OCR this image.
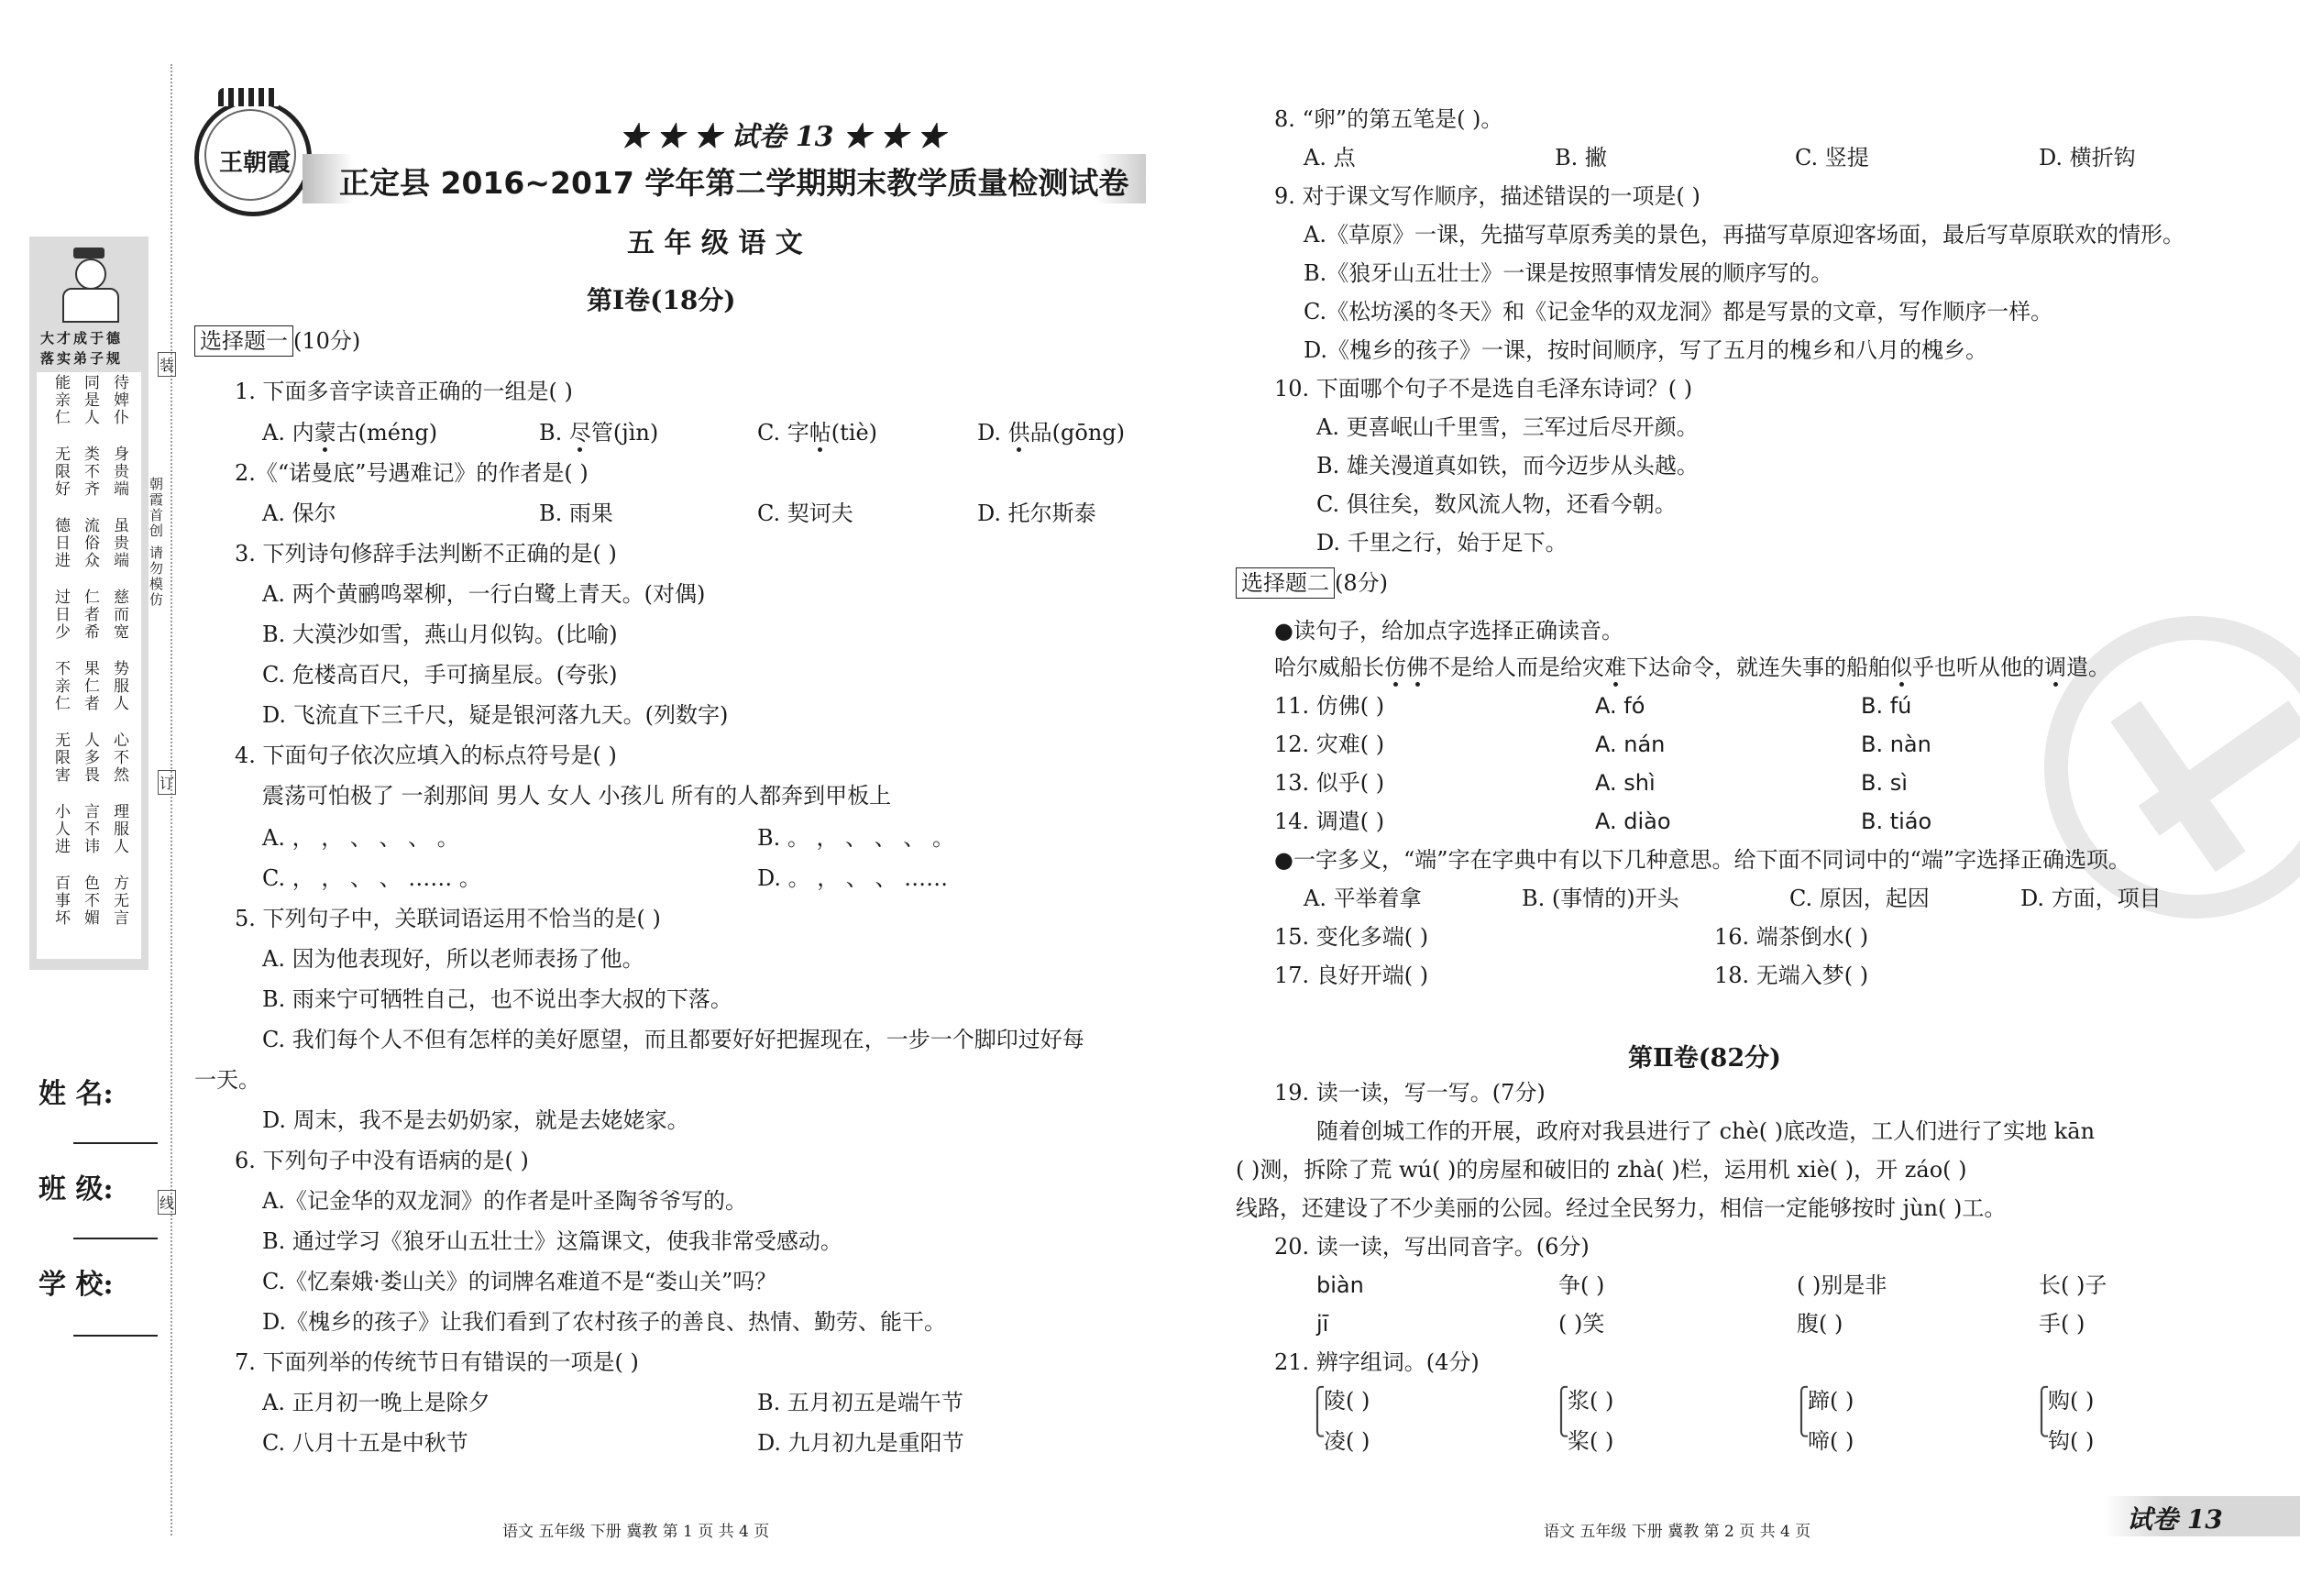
王朝霞
★ ★ ★ 试卷 13 ★ ★ ★
正定县 2016~2017 学年第二学期期末教学质量检测试卷
五 年 级 语 文
第Ⅰ卷(18分)
大才成于德
落实弟子规
能亲仁 同是人 待婢仆
无限好 类不齐 身贵端
德日进 流俗众 虽贵端
过日少 仁者希 慈而宽
不亲仁 果仁者 势服人
无限害 人多畏 心不然
小人进 言不讳 理服人
百事坏 色不媚 方无言
朝霞首创 请勿模仿
装
订
线
姓 名:
班 级:
学 校:
选择题一 (10分)
1. 下面多音字读音正确的一组是( )
A. 内蒙古(méng)	B. 尽管(jìn)	C. 字帖(tiè)	D. 供品(gōng)
2.《“诺曼底”号遇难记》的作者是( )
A. 保尔	B. 雨果	C. 契诃夫	D. 托尔斯泰
3. 下列诗句修辞手法判断不正确的是( )
A. 两个黄鹂鸣翠柳，一行白鹭上青天。(对偶)
B. 大漠沙如雪，燕山月似钩。(比喻)
C. 危楼高百尺，手可摘星辰。(夸张)
D. 飞流直下三千尺，疑是银河落九天。(列数字)
4. 下面句子依次应填入的标点符号是( )
震荡可怕极了 一刹那间 男人 女人 小孩儿 所有的人都奔到甲板上
A. ， ， 、 、 、 。	B. 。 ， 、 、 、 。
C. ， ， 、 、 …… 。	D. 。 ， 、 、 ……
5. 下列句子中，关联词语运用不恰当的是( )
A. 因为他表现好，所以老师表扬了他。
B. 雨来宁可牺牲自己，也不说出李大叔的下落。
C. 我们每个人不但有怎样的美好愿望，而且都要好好把握现在，一步一个脚印过好每
一天。
D. 周末，我不是去奶奶家，就是去姥姥家。
6. 下列句子中没有语病的是( )
A.《记金华的双龙洞》的作者是叶圣陶爷爷写的。
B. 通过学习《狼牙山五壮士》这篇课文，使我非常受感动。
C.《忆秦娥·娄山关》的词牌名难道不是“娄山关”吗？
D.《槐乡的孩子》让我们看到了农村孩子的善良、热情、勤劳、能干。
7. 下面列举的传统节日有错误的一项是( )
A. 正月初一晚上是除夕	B. 五月初五是端午节
C. 八月十五是中秋节	D. 九月初九是重阳节
8. “卵”的第五笔是( )。
A. 点	B. 撇	C. 竖提	D. 横折钩
9. 对于课文写作顺序，描述错误的一项是( )
A.《草原》一课，先描写草原秀美的景色，再描写草原迎客场面，最后写草原联欢的情形。
B.《狼牙山五壮士》一课是按照事情发展的顺序写的。
C.《松坊溪的冬天》和《记金华的双龙洞》都是写景的文章，写作顺序一样。
D.《槐乡的孩子》一课，按时间顺序，写了五月的槐乡和八月的槐乡。
10. 下面哪个句子不是选自毛泽东诗词？( )
A. 更喜岷山千里雪，三军过后尽开颜。
B. 雄关漫道真如铁，而今迈步从头越。
C. 俱往矣，数风流人物，还看今朝。
D. 千里之行，始于足下。
选择题二 (8分)
●读句子，给加点字选择正确读音。
哈尔威船长仿佛不是给人而是给灾难下达命令，就连失事的船舶似乎也听从他的调遣。
11. 仿佛( )	A. fó	B. fú
12. 灾难( )	A. nán	B. nàn
13. 似乎( )	A. shì	B. sì
14. 调遣( )	A. diào	B. tiáo
●一字多义，“端”字在字典中有以下几种意思。给下面不同词中的“端”字选择正确选项。
A. 平举着拿	B. (事情的)开头	C. 原因，起因	D. 方面，项目
15. 变化多端( )	16. 端茶倒水( )
17. 良好开端( )	18. 无端入梦( )
第Ⅱ卷(82分)
19. 读一读，写一写。(7分)
随着创城工作的开展，政府对我县进行了 chè( )底改造，工人们进行了实地 kān
( )测，拆除了荒 wú( )的房屋和破旧的 zhà( )栏，运用机 xiè( )，开 záo( )
线路，还建设了不少美丽的公园。经过全民努力，相信一定能够按时 jùn( )工。
20. 读一读，写出同音字。(6分)
biàn	争( )	( )别是非	长( )子
jī	( )笑	腹( )	手( )
21. 辨字组词。(4分)
⎧
⎩
陵( )
凌( )
⎧
⎩
浆( )
桨( )
⎧
⎩
蹄( )
啼( )
⎧
⎩
购( )
钩( )
语文 五年级 下册 冀教 第 1 页 共 4 页	语文 五年级 下册 冀教 第 2 页 共 4 页	试卷 13
